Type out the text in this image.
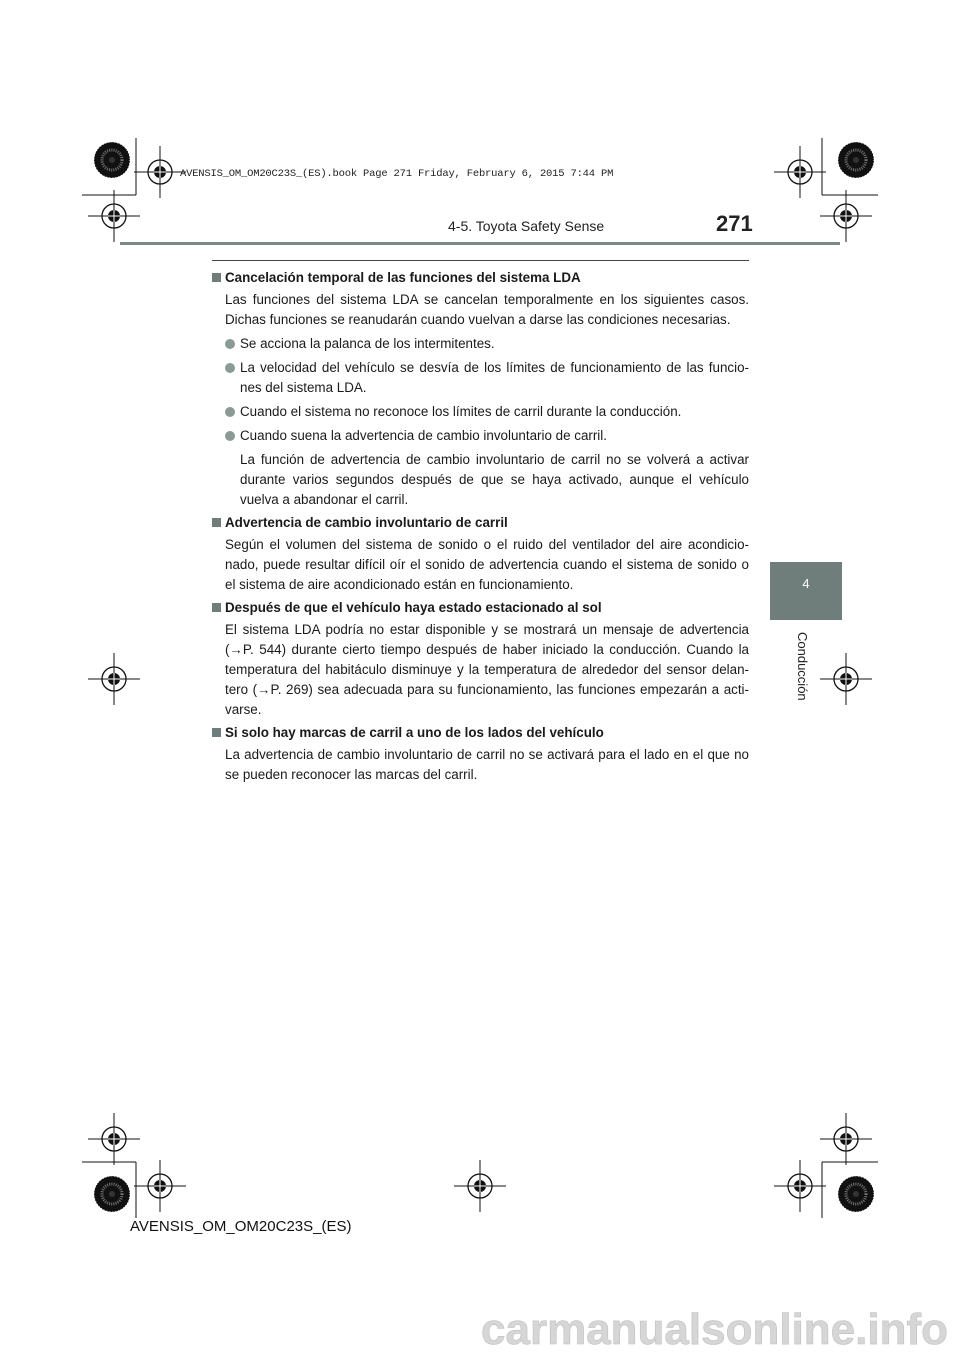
AVENSIS_OM_OM20C23S_(ES).book Page 271 Friday, February 6, 2015 7:44 PM
4-5. Toyota Safety Sense	271
4
Conducción
Cancelación temporal de las funciones del sistema LDA
Las funciones del sistema LDA se cancelan temporalmente en los siguientes casos. Dichas funciones se reanudarán cuando vuelvan a darse las condiciones necesarias.
Se acciona la palanca de los intermitentes.
La velocidad del vehículo se desvía de los límites de funcionamiento de las funcio-nes del sistema LDA.
Cuando el sistema no reconoce los límites de carril durante la conducción.
Cuando suena la advertencia de cambio involuntario de carril.
La función de advertencia de cambio involuntario de carril no se volverá a activar durante varios segundos después de que se haya activado, aunque el vehículo vuelva a abandonar el carril.
Advertencia de cambio involuntario de carril
Según el volumen del sistema de sonido o el ruido del ventilador del aire acondicio-nado, puede resultar difícil oír el sonido de advertencia cuando el sistema de sonido o el sistema de aire acondicionado están en funcionamiento.
Después de que el vehículo haya estado estacionado al sol
El sistema LDA podría no estar disponible y se mostrará un mensaje de advertencia (→P. 544) durante cierto tiempo después de haber iniciado la conducción. Cuando la temperatura del habitáculo disminuye y la temperatura de alrededor del sensor delan-tero (→P. 269) sea adecuada para su funcionamiento, las funciones empezarán a acti-varse.
Si solo hay marcas de carril a uno de los lados del vehículo
La advertencia de cambio involuntario de carril no se activará para el lado en el que no se pueden reconocer las marcas del carril.
AVENSIS_OM_OM20C23S_(ES)
carmanualsonline.info
